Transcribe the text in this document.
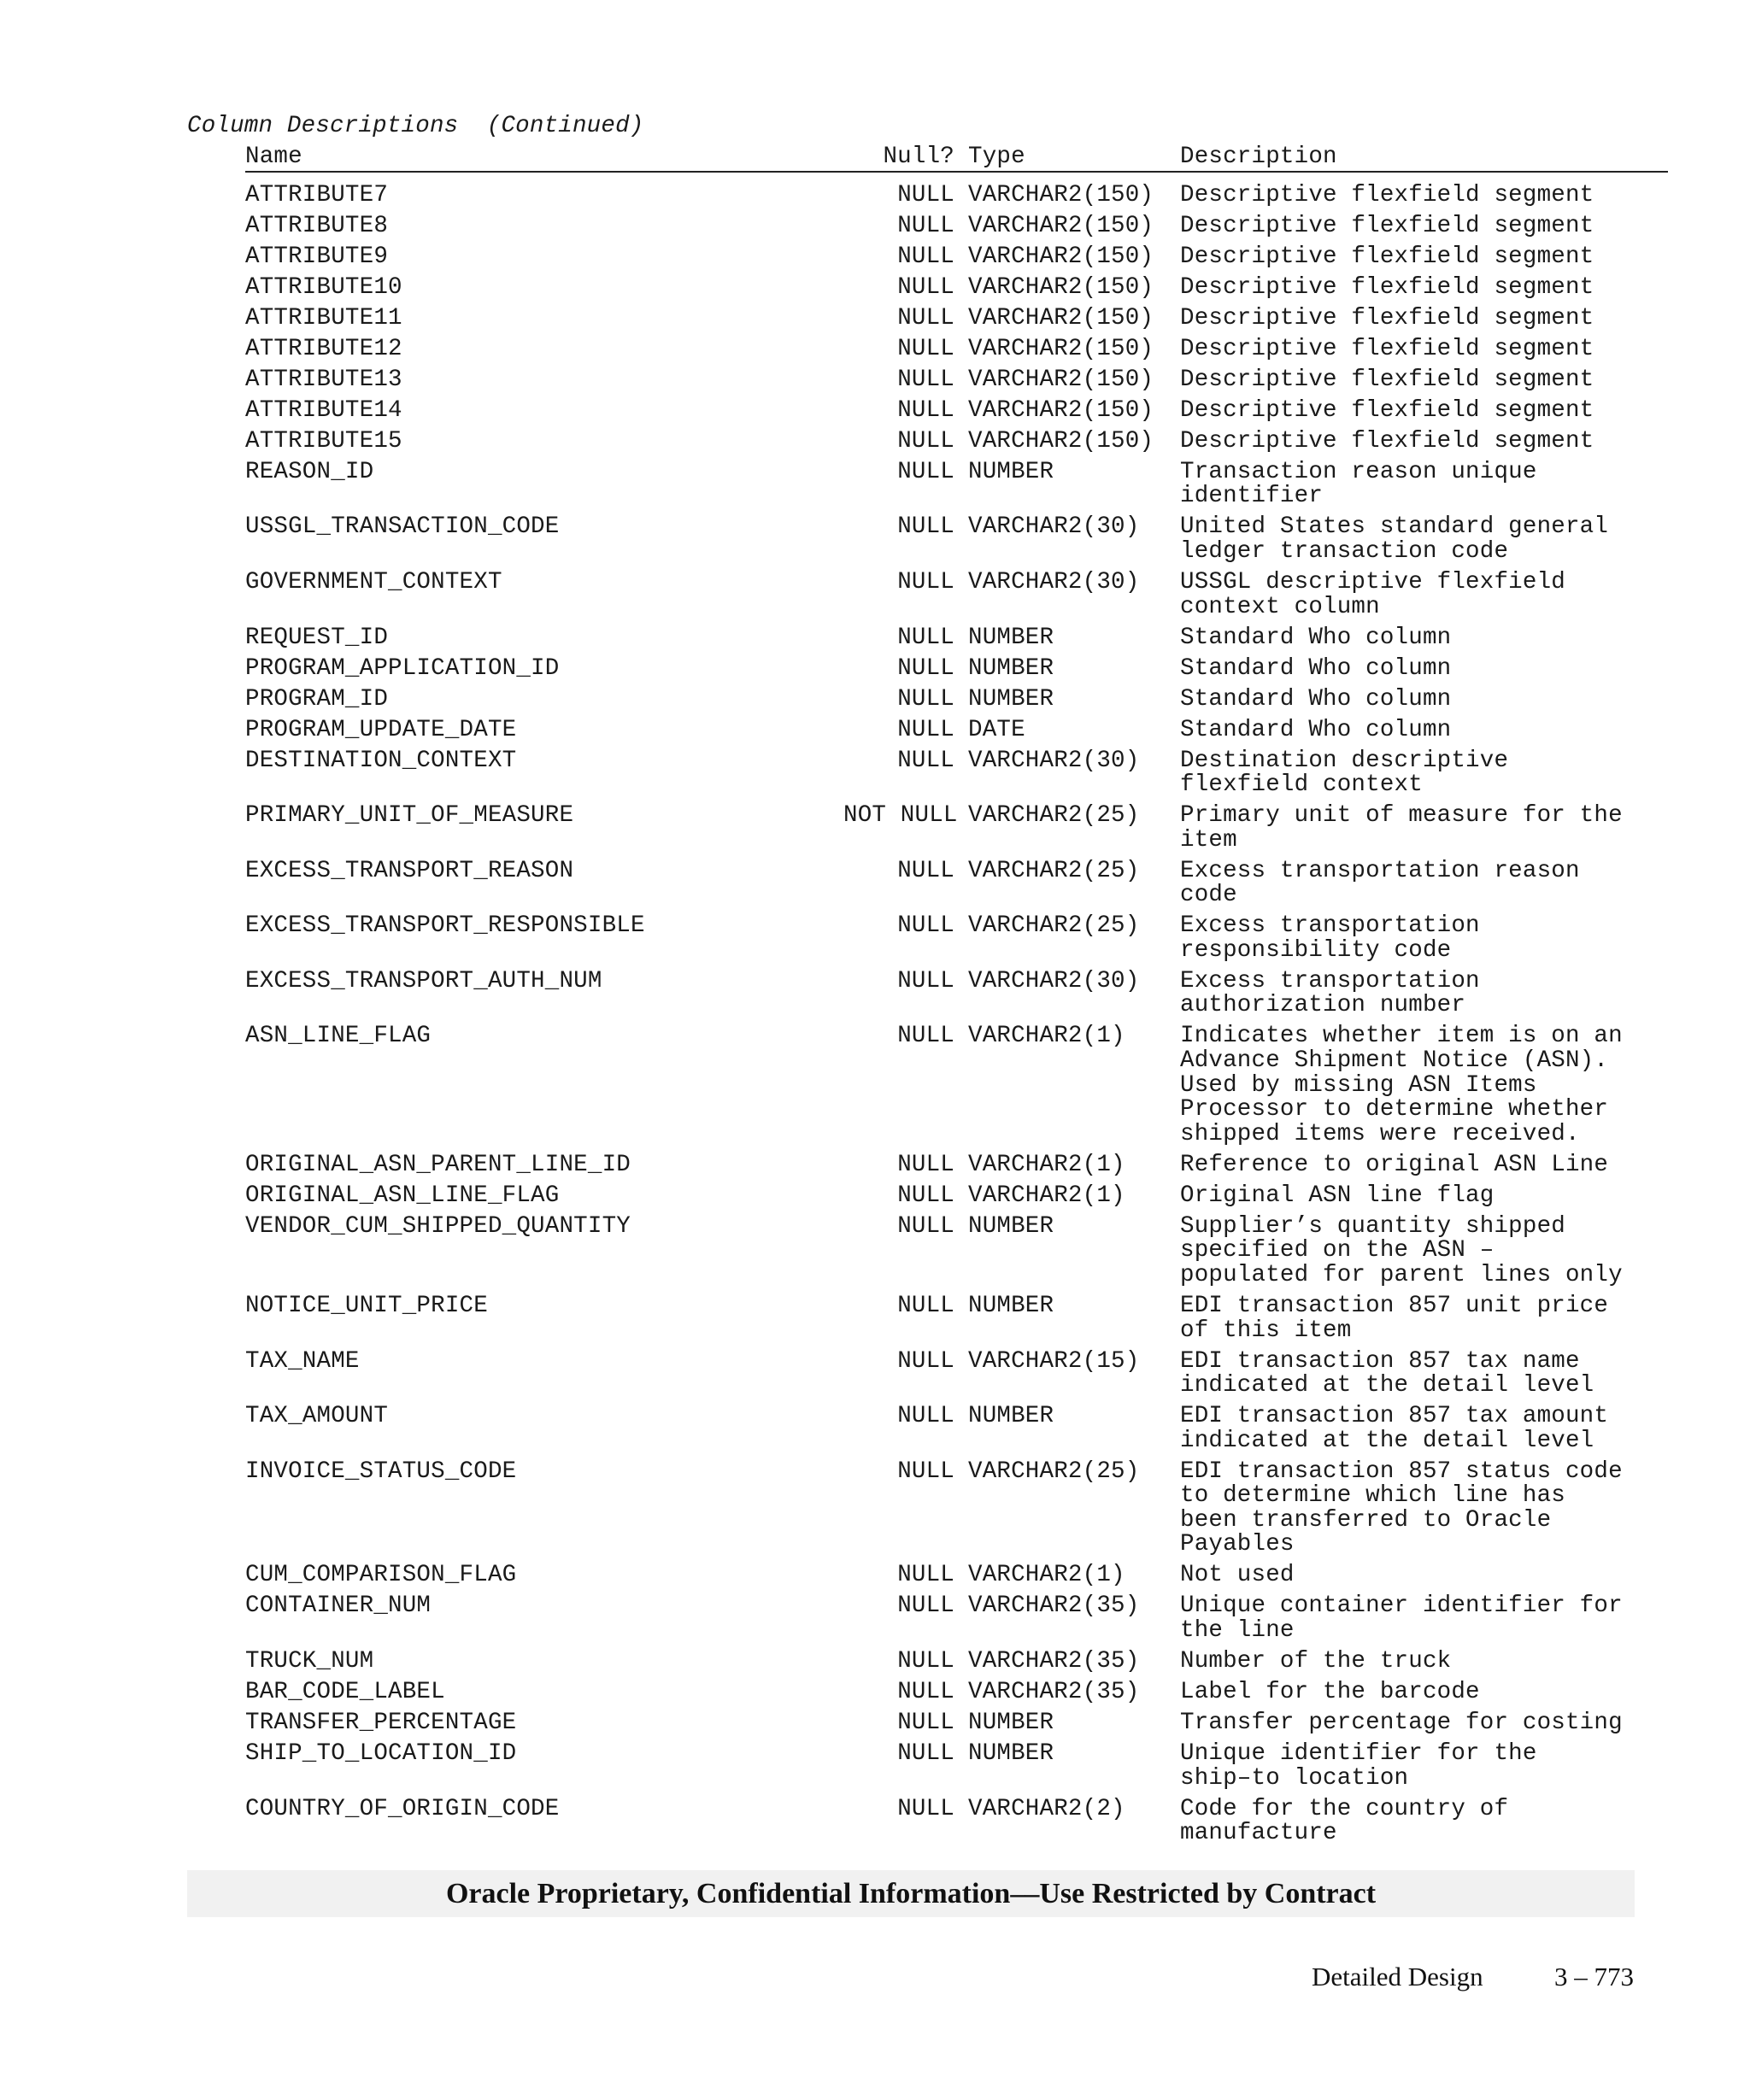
Column Descriptions (Continued)
Name	Null? Type	Description
ATTRIBUTE7	NULL VARCHAR2(150) Descriptive flexfield segment
ATTRIBUTE8	NULL VARCHAR2(150) Descriptive flexfield segment
ATTRIBUTE9	NULL VARCHAR2(150) Descriptive flexfield segment
ATTRIBUTE10	NULL VARCHAR2(150) Descriptive flexfield segment
ATTRIBUTE11	NULL VARCHAR2(150) Descriptive flexfield segment
ATTRIBUTE12	NULL VARCHAR2(150) Descriptive flexfield segment
ATTRIBUTE13	NULL VARCHAR2(150) Descriptive flexfield segment
ATTRIBUTE14	NULL VARCHAR2(150) Descriptive flexfield segment
ATTRIBUTE15	NULL VARCHAR2(150) Descriptive flexfield segment
REASON_ID	NULL NUMBER	Transaction reason unique
identifier
USSGL_TRANSACTION_CODE	NULL VARCHAR2(30) United States standard general
ledger transaction code
GOVERNMENT_CONTEXT	NULL VARCHAR2(30) USSGL descriptive flexfield
context column
REQUEST_ID	NULL NUMBER	Standard Who column
PROGRAM_APPLICATION_ID	NULL NUMBER	Standard Who column
PROGRAM_ID	NULL NUMBER	Standard Who column
PROGRAM_UPDATE_DATE	NULL DATE	Standard Who column
DESTINATION_CONTEXT	NULL VARCHAR2(30) Destination descriptive
flexfield context
PRIMARY_UNIT_OF_MEASURE	NOT NULL VARCHAR2(25) Primary unit of measure for the
item
EXCESS_TRANSPORT_REASON	NULL VARCHAR2(25) Excess transportation reason
code
EXCESS_TRANSPORT_RESPONSIBLE	NULL VARCHAR2(25) Excess transportation
responsibility code
EXCESS_TRANSPORT_AUTH_NUM	NULL VARCHAR2(30) Excess transportation
authorization number
ASN_LINE_FLAG	NULL VARCHAR2(1) Indicates whether item is on an
Advance Shipment Notice (ASN).
Used by missing ASN Items
Processor to determine whether
shipped items were received.
ORIGINAL_ASN_PARENT_LINE_ID	NULL VARCHAR2(1) Reference to original ASN Line
ORIGINAL_ASN_LINE_FLAG	NULL VARCHAR2(1) Original ASN line flag
VENDOR_CUM_SHIPPED_QUANTITY	NULL NUMBER	Supplier’s quantity shipped
specified on the ASN –
populated for parent lines only
NOTICE_UNIT_PRICE	NULL NUMBER	EDI transaction 857 unit price
of this item
TAX_NAME	NULL VARCHAR2(15) EDI transaction 857 tax name
indicated at the detail level
TAX_AMOUNT	NULL NUMBER	EDI transaction 857 tax amount
indicated at the detail level
INVOICE_STATUS_CODE	NULL VARCHAR2(25) EDI transaction 857 status code
to determine which line has
been transferred to Oracle
Payables
CUM_COMPARISON_FLAG	NULL VARCHAR2(1) Not used
CONTAINER_NUM	NULL VARCHAR2(35) Unique container identifier for
the line
TRUCK_NUM	NULL VARCHAR2(35) Number of the truck
BAR_CODE_LABEL	NULL VARCHAR2(35) Label for the barcode
TRANSFER_PERCENTAGE	NULL NUMBER	Transfer percentage for costing
SHIP_TO_LOCATION_ID	NULL NUMBER	Unique identifier for the
ship–to location
COUNTRY_OF_ORIGIN_CODE	NULL VARCHAR2(2) Code for the country of
manufacture
Oracle Proprietary, Confidential Information––Use Restricted by Contract
Detailed Design	3 – 773
